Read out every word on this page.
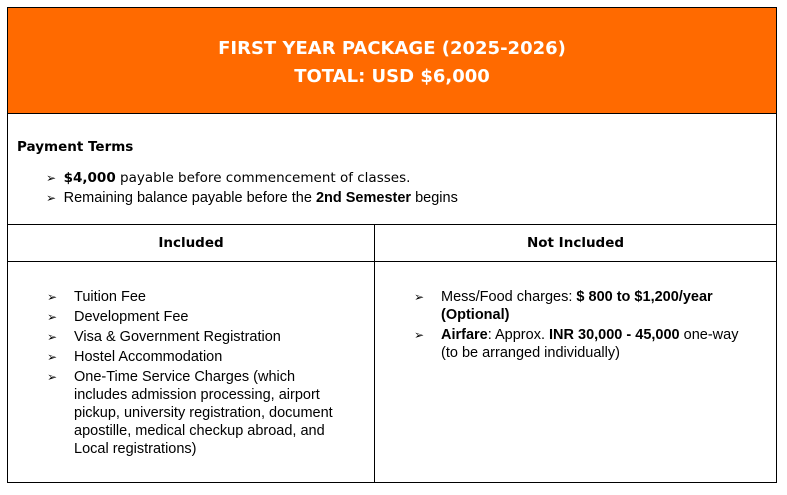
FIRST YEAR PACKAGE (2025-2026)
TOTAL: USD $6,000
Payment Terms
➢ $4,000 payable before commencement of classes.
➢ Remaining balance payable before the 2nd Semester begins
Included	Not Included
➢ Tuition Fee
➢ Development Fee
➢ Visa & Government Registration
➢ Hostel Accommodation
➢ One-Time Service Charges (which
includes admission processing, airport
pickup, university registration, document
apostille, medical checkup abroad, and
Local registrations)
➢ Mess/Food charges: $ 800 to $1,200/year
(Optional)
➢ Airfare: Approx. INR 30,000 - 45,000 one-way
(to be arranged individually)
